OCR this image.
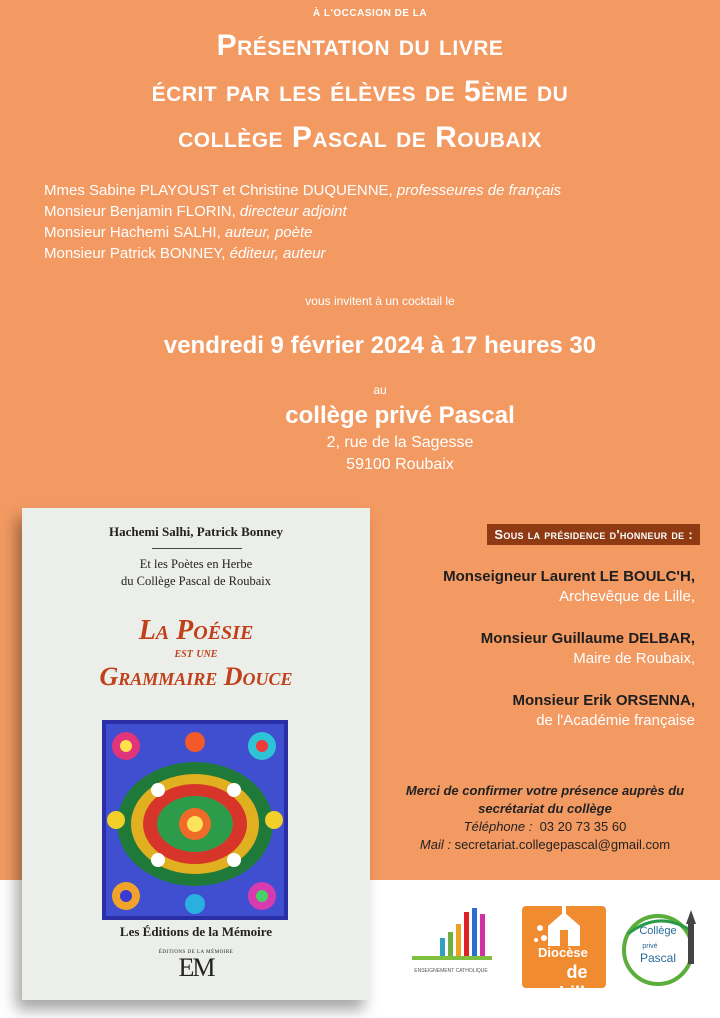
À L'OCCASION DE LA
Présentation du livre
écrit par les élèves de 5ème du
collège Pascal de Roubaix
Mmes Sabine PLAYOUST et Christine DUQUENNE, professeures de français
Monsieur Benjamin FLORIN, directeur adjoint
Monsieur Hachemi SALHI, auteur, poète
Monsieur Patrick BONNEY, éditeur, auteur
vous invitent à un cocktail le
vendredi 9 février 2024 à 17 heures 30
au
collège privé Pascal
2, rue de la Sagesse
59100 Roubaix
Hachemi Salhi, Patrick Bonney
Et les Poètes en Herbe
du Collège Pascal de Roubaix
La Poésie
est une
Grammaire Douce
Les Éditions de la Mémoire
ÉDITIONS DE LA MÉMOIRE
EM
Sous la présidence d'honneur de :
Monseigneur Laurent LE BOULC'H,
Archevêque de Lille,
Monsieur Guillaume DELBAR,
Maire de Roubaix,
Monsieur Erik ORSENNA,
de l'Académie française
Merci de confirmer votre présence auprès du
secrétariat du collège
Téléphone : 03 20 73 35 60
Mail : secretariat.collegepascal@gmail.com
ENSEIGNEMENT CATHOLIQUE
Diocèse
de Lille
Collège
privé
Pascal
